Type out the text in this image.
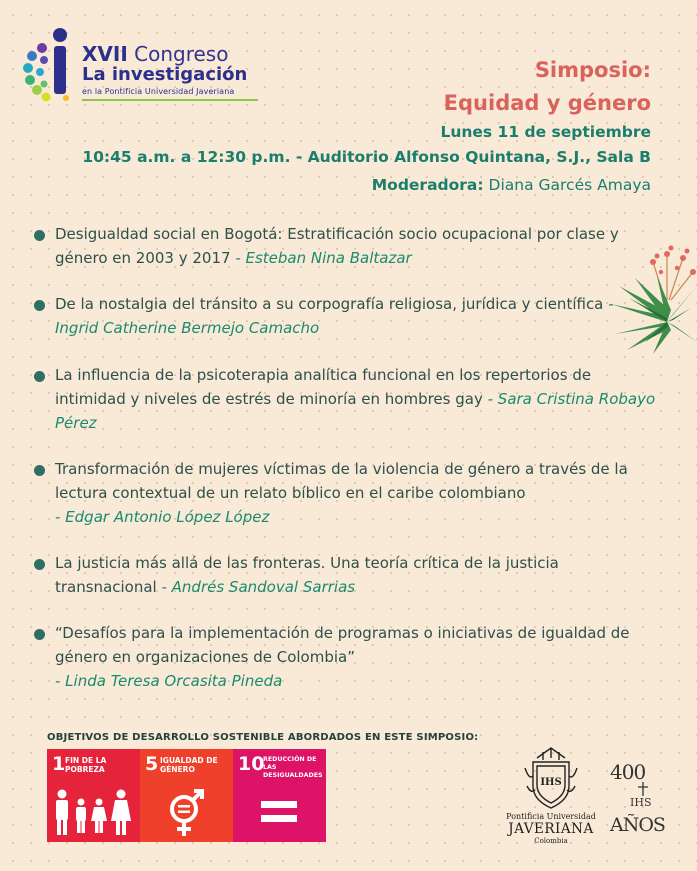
XVII Congreso
La investigación
en la Pontificia Universidad Javeriana
Simposio:
Equidad y género
Lunes 11 de septiembre
10:45 a.m. a 12:30 p.m. - Auditorio Alfonso Quintana, S.J., Sala B
Moderadora: Diana Garcés Amaya
Desigualdad social en Bogotá: Estratificación socio ocupacional por clase y género en 2003 y 2017 - Esteban Nina Baltazar
De la nostalgia del tránsito a su corpografía religiosa, jurídica y científica - Ingrid Catherine Bermejo Camacho
La influencia de la psicoterapia analítica funcional en los repertorios de intimidad y niveles de estrés de minoría en hombres gay - Sara Cristina Robayo Pérez
Transformación de mujeres víctimas de la violencia de género a través de la lectura contextual de un relato bíblico en el caribe colombiano
- Edgar Antonio López López
La justicia más allá de las fronteras. Una teoría crítica de la justicia transnacional - Andrés Sandoval Sarrias
“Desafíos para la implementación de programas o iniciativas de igualdad de género en organizaciones de Colombia”
- Linda Teresa Orcasita Pineda
OBJETIVOS DE DESARROLLO SOSTENIBLE ABORDADOS EN ESTE SIMPOSIO:
1 FIN DE LA POBREZA	5 IGUALDAD DE GÉNERO	10
REDUCCIÓN DE LAS DESIGUALDADES
IHS
Pontificia Universidad
JAVERIANA
Colombia
400
IHS
AÑOS
